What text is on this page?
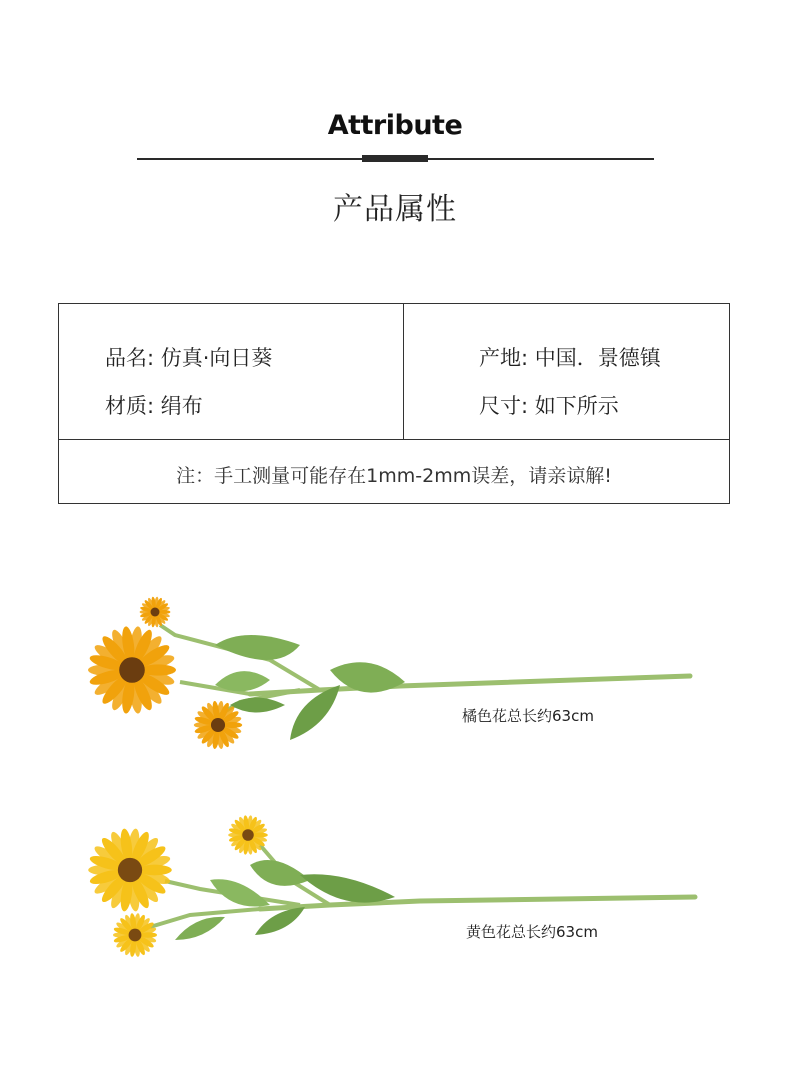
Attribute
产品属性
品名: 仿真·向日葵
材质: 绢布
产地: 中国．景德镇
尺寸: 如下所示
注：手工测量可能存在1mm-2mm误差，请亲谅解!
橘色花总长约63cm
黄色花总长约63cm
